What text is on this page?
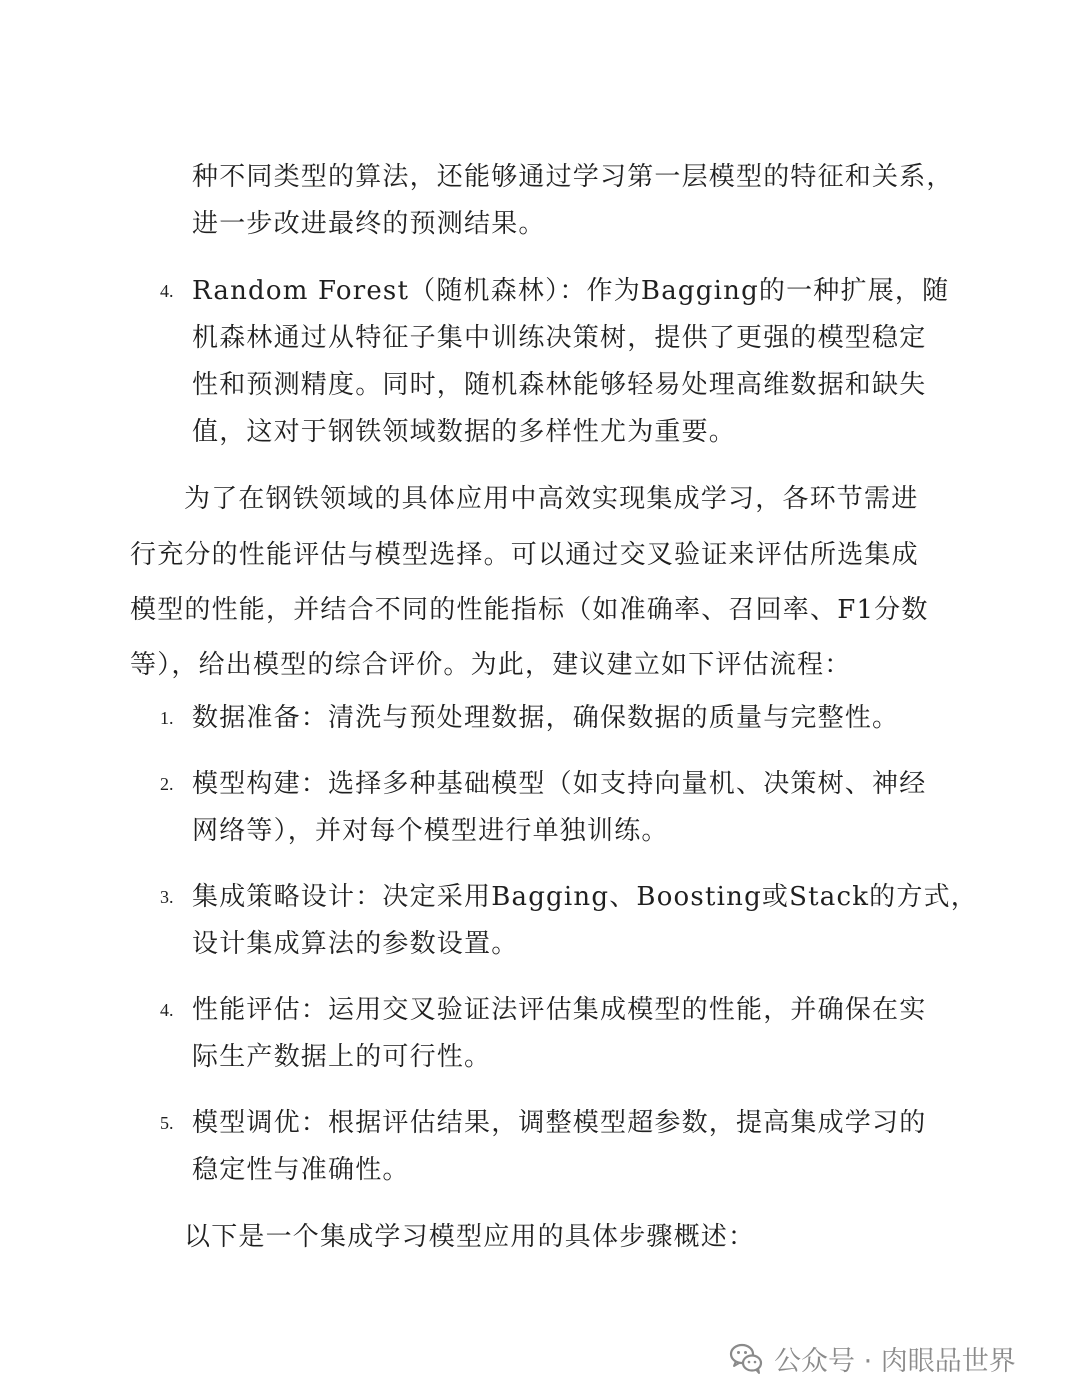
种不同类型的算法，还能够通过学习第一层模型的特征和关系，
进一步改进最终的预测结果。
4. Random Forest（随机森林）：作为Bagging的一种扩展，随
机森林通过从特征子集中训练决策树，提供了更强的模型稳定
性和预测精度。同时，随机森林能够轻易处理高维数据和缺失
值，这对于钢铁领域数据的多样性尤为重要。
为了在钢铁领域的具体应用中高效实现集成学习，各环节需进
行充分的性能评估与模型选择。可以通过交叉验证来评估所选集成
模型的性能，并结合不同的性能指标（如准确率、召回率、F1分数
等），给出模型的综合评价。为此，建议建立如下评估流程：
1. 数据准备：清洗与预处理数据，确保数据的质量与完整性。
2. 模型构建：选择多种基础模型（如支持向量机、决策树、神经
网络等），并对每个模型进行单独训练。
3. 集成策略设计：决定采用Bagging、Boosting或Stack的方式，
设计集成算法的参数设置。
4. 性能评估：运用交叉验证法评估集成模型的性能，并确保在实
际生产数据上的可行性。
5. 模型调优：根据评估结果，调整模型超参数，提高集成学习的
稳定性与准确性。
以下是一个集成学习模型应用的具体步骤概述：
公众号 · 肉眼品世界
